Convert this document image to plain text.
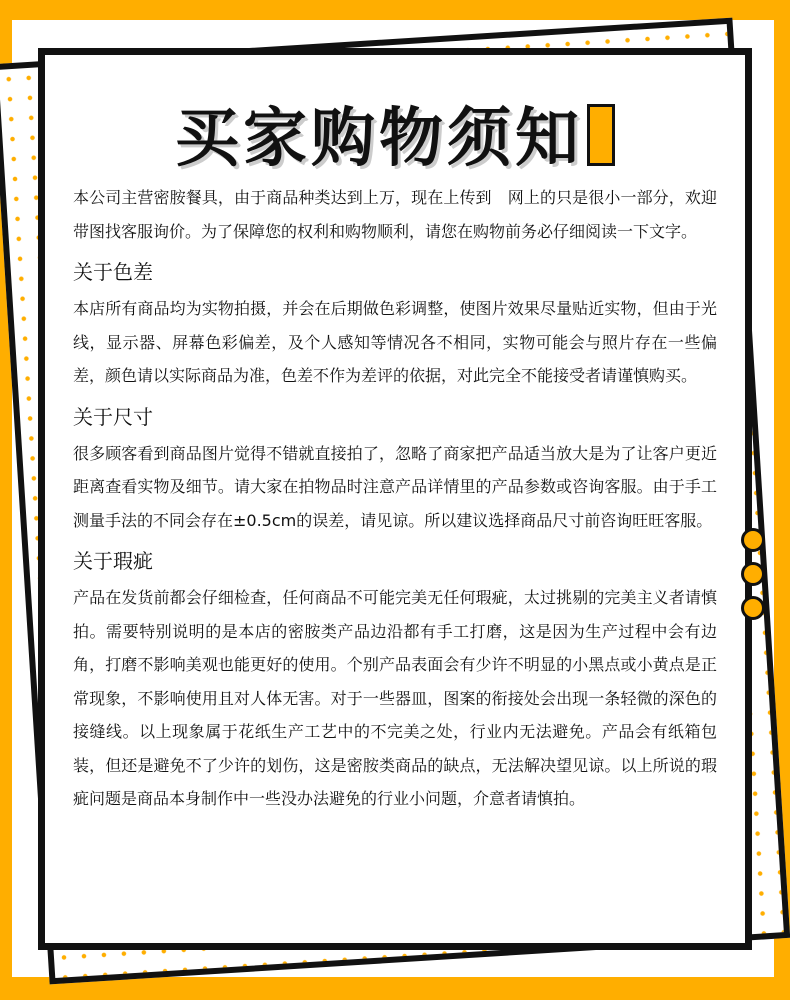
买家购物须知

本公司主营密胺餐具，由于商品种类达到上万，现在上传到　网上的只是很小一部分，欢迎带图找客服询价。为了保障您的权利和购物顺利，请您在购物前务必仔细阅读一下文字。

关于色差

本店所有商品均为实物拍摄，并会在后期做色彩调整，使图片效果尽量贴近实物，但由于光线，显示器、屏幕色彩偏差，及个人感知等情况各不相同，实物可能会与照片存在一些偏差，颜色请以实际商品为准，色差不作为差评的依据，对此完全不能接受者请谨慎购买。

关于尺寸

很多顾客看到商品图片觉得不错就直接拍了，忽略了商家把产品适当放大是为了让客户更近距离查看实物及细节。请大家在拍物品时注意产品详情里的产品参数或咨询客服。由于手工测量手法的不同会存在±0.5cm的误差，请见谅。所以建议选择商品尺寸前咨询旺旺客服。

关于瑕疵

产品在发货前都会仔细检查，任何商品不可能完美无任何瑕疵，太过挑剔的完美主义者请慎拍。需要特别说明的是本店的密胺类产品边沿都有手工打磨，这是因为生产过程中会有边角，打磨不影响美观也能更好的使用。个别产品表面会有少许不明显的小黑点或小黄点是正常现象，不影响使用且对人体无害。对于一些器皿，图案的衔接处会出现一条轻微的深色的接缝线。以上现象属于花纸生产工艺中的不完美之处，行业内无法避免。产品会有纸箱包装，但还是避免不了少许的划伤，这是密胺类商品的缺点，无法解决望见谅。以上所说的瑕疵问题是商品本身制作中一些没办法避免的行业小问题，介意者请慎拍。
